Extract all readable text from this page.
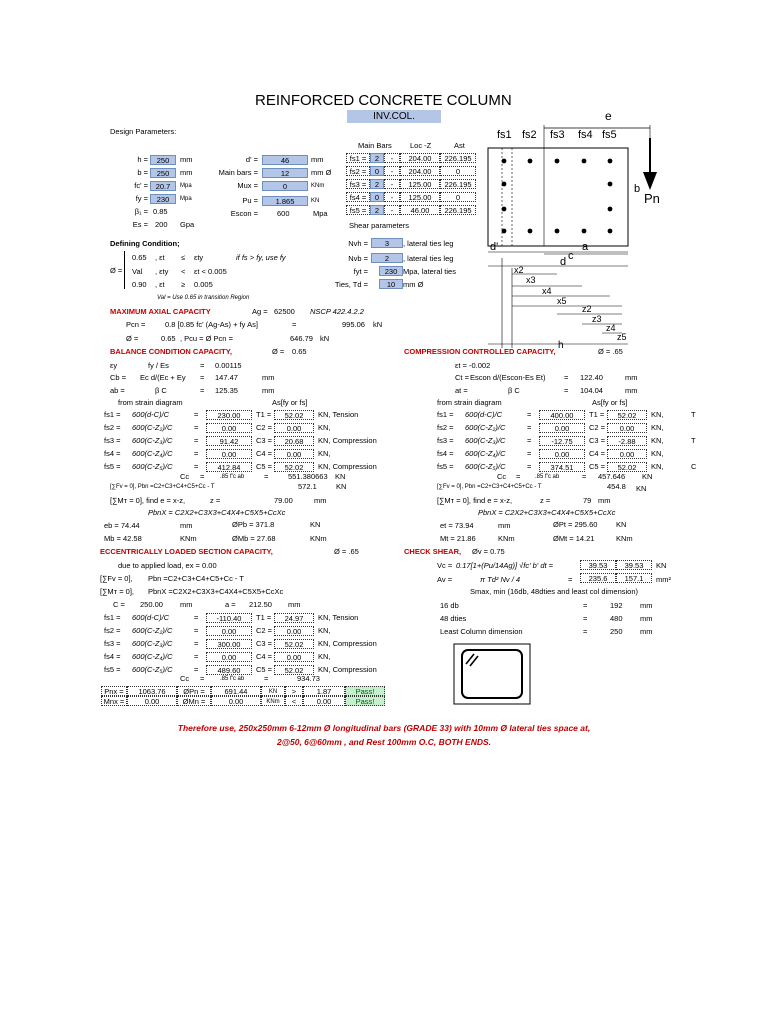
REINFORCED CONCRETE COLUMN
INV.COL.
Design Parameters:
h =	250	mm
b =	250	mm
fc' =	20.7	Mpa
fy =	230	Mpa
β₁ = 0.85
Es = 200 Gpa
d' =	46	mm
Main bars =	12	mm Ø
Mux =	0	KNm
Pu =	1.865	KN
Escon =	600	Mpa
Main Bars Loc -Z	Ast
fs1 =	2	-	204.00	226.195
fs2 =	0	-	204.00	0
fs3 =	2	-	125.00	226.195
fs4 =	0	-	125.00	0
fs5 =	2	-	46.00	226.195
Shear parameters
Nvh =	3	, lateral ties leg
Nvb =	2	, lateral ties leg
fyt =	230 Mpa, lateral ties
Ties, Td =	10	mm Ø
Defining Condition;
Ø =
0.65 , εt ≤ εty	if fs > fy, use fy
Val , εty < εt < 0.005
0.90 , εt ≥ 0.005
Val = Use 0.65 in transition Region
MAXIMUM AXIAL CAPACITY	Ag = 62500 NSCP 422.4.2.2
Pcn =	0.8 [0.85 fc' (Ag-As) + fy As]	=	995.06 kN
Ø =	0.65 , Pcu = Ø Pcn =	646.79 kN
BALANCE CONDITION CAPACITY,	Ø = 0.65
εy	fy / Es	= 0.00115
Cb = Ec d/(Ec + Ey = 147.47	mm
ab =	β C	= 125.35	mm
from strain diagram	As[fy or fs]
fs1 = 600(d-C)/C	=	230.00	T1 =	52.02	KN, Tension
fs2 = 600(C-Z₂)/C	=	0.00	C2 =	0.00	KN,
fs3 = 600(C-Z₃)/C	=	91.42	C3 =	20.68	KN, Compression
fs4 = 600(C-Z₄)/C	=	0.00	C4 =	0.00	KN,
fs5 = 600(C-Z₅)/C	=	412.84	C5 =	52.02	KN, Compression
Cc =	.85 f'c ab	=	551.380663 KN
[∑Fv = 0], Pbn =C2+C3+C4+C5+Cc - T	572.1	KN
[∑Mт = 0], find e = x-z,	z =	79.00	mm
PbnX = C2X2+C3X3+C4X4+C5X5+CcXc
eb = 74.44	mm	ØPb = 371.8	KN
Mb = 42.58	KNm	ØMb = 27.68	KNm
COMPRESSION CONTROLLED CAPACITY,	Ø = .65
εt = -0.002
Ct = Escon d/(Escon-Es Et) = 122.40	mm
at =	β C	= 104.04	mm
from strain diagram	As[fy or fs]
fs1 = 600(d-C)/C	=	400.00	T1 =	52.02	KN,	T
fs2 = 600(C-Z₂)/C	=	0.00	C2 =	0.00	KN,
fs3 = 600(C-Z₃)/C	=	-12.75	C3 =	-2.88	KN,	T
fs4 = 600(C-Z₄)/C	=	0.00	C4 =	0.00	KN,
fs5 = 600(C-Z₅)/C	=	374.51	C5 =	52.02	KN,	C
Cc = .85 f'c ab	= 457.646 KN
[∑Fv = 0], Pbn =C2+C3+C4+C5+Cc - T	454.8 KN
[∑Mт = 0], find e = x-z,	z =	79 mm
PbnX = C2X2+C3X3+C4X4+C5X5+CcXc
et = 73.94	mm	ØPt = 295.60 KN
Mt = 21.86	KNm	ØMt = 14.21	KNm
ECCENTRICALLY LOADED SECTION CAPACITY,	Ø = .65
due to applied load, ex = 0.00
[∑Fv = 0], Pbn =C2+C3+C4+C5+Cc - T
[∑Mт = 0], PbnX =C2X2+C3X3+C4X4+C5X5+CcXc
C = 250.00 mm	a = 212.50 mm
fs1 = 600(d-C)/C	=	-110.40	T1 =	24.97	KN, Tension
fs2 = 600(C-Z₂)/C	=	0.00	C2 =	0.00	KN,
fs3 = 600(C-Z₃)/C	=	300.00	C3 =	52.02	KN, Compression
fs4 = 600(C-Z₄)/C	=	0.00	C4 =	0.00	KN,
fs5 = 600(C-Z₅)/C	=	489.60	C5 =	52.02	KN, Compression
Cc =	.85 f'c ab	=	934.73
Pnx =	1063.76	ØPn =	691.44	KN	>	1.87	Pass!
Mnx =	0.00	ØMn =	0.00	KNm	<	0.00	Pass!
CHECK SHEAR, Øv = 0.75
Vc = 0.17[1+(Pu/14Ag)] √fc' b' dt =	39.53	39.53	KN
Av =	π Td² Nv / 4	=	235.6	157.1	mm²
Smax, min (16db, 48dties and least col dimension)
16 db	=	192 mm
48 dties	=	480 mm
Least Column dimension	=	250 mm
Therefore use, 250x250mm 6-12mm Ø longitudinal bars (GRADE 33) with 10mm Ø lateral ties space at,
2@50, 6@60mm , and Rest 100mm O.C, BOTH ENDS.
e
fs1 fs2 fs3 fs4 fs5
Pn
b
d'	a
c
d
x2
x3
x4
x5
z2
z3
z4
z5
h
